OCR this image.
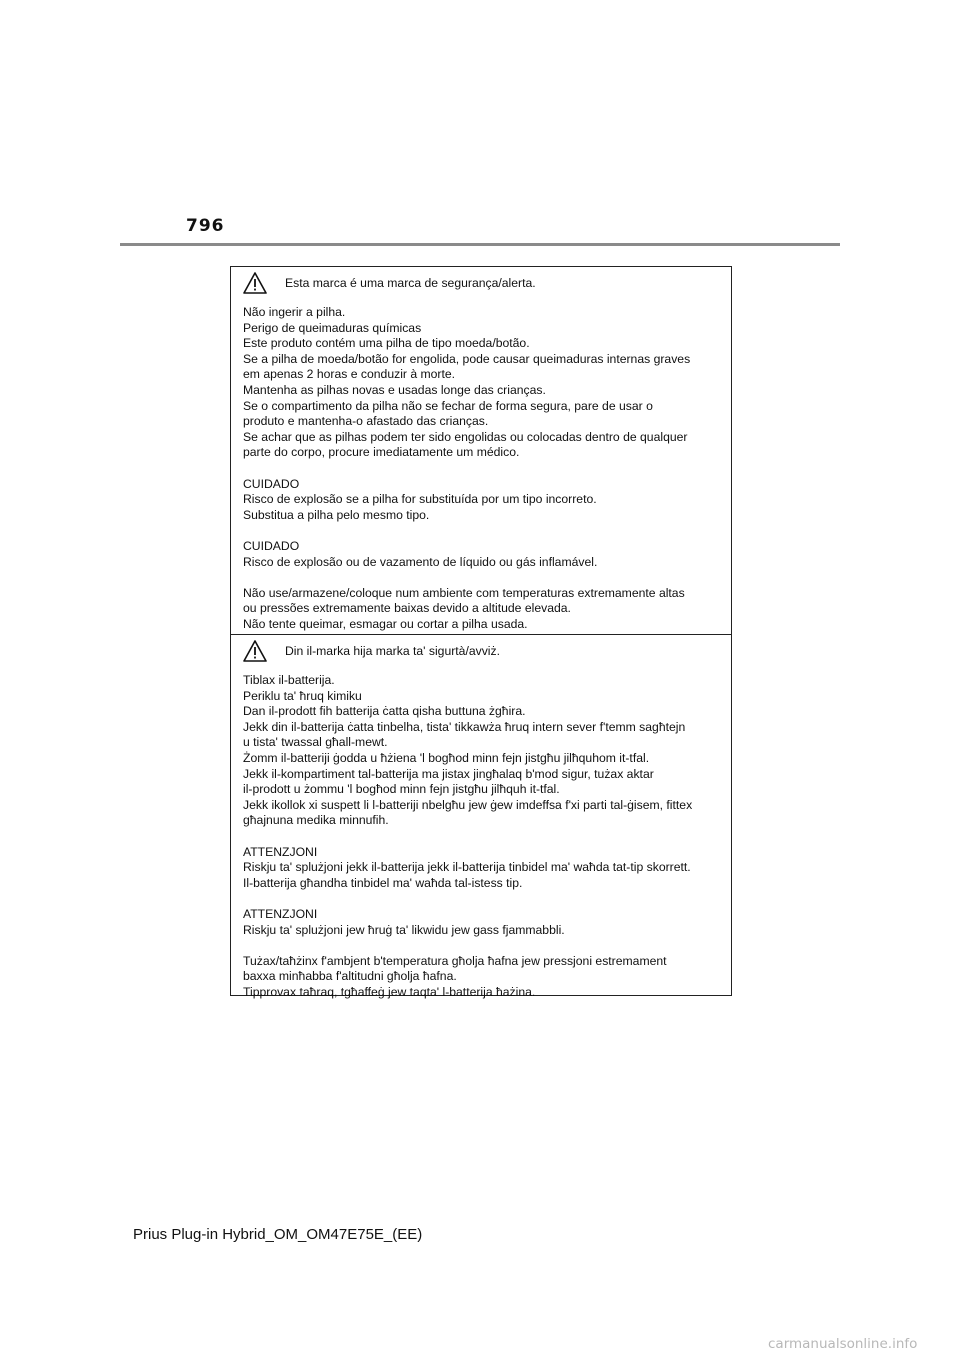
796
Esta marca é uma marca de segurança/alerta.

Não ingerir a pilha.
Perigo de queimaduras químicas
Este produto contém uma pilha de tipo moeda/botão.
Se a pilha de moeda/botão for engolida, pode causar queimaduras internas graves
em apenas 2 horas e conduzir à morte.
Mantenha as pilhas novas e usadas longe das crianças.
Se o compartimento da pilha não se fechar de forma segura, pare de usar o
produto e mantenha-o afastado das crianças.
Se achar que as pilhas podem ter sido engolidas ou colocadas dentro de qualquer
parte do corpo, procure imediatamente um médico.

CUIDADO
Risco de explosão se a pilha for substituída por um tipo incorreto.
Substitua a pilha pelo mesmo tipo.

CUIDADO
Risco de explosão ou de vazamento de líquido ou gás inflamável.

Não use/armazene/coloque num ambiente com temperaturas extremamente altas
ou pressões extremamente baixas devido a altitude elevada.
Não tente queimar, esmagar ou cortar a pilha usada.

Din il-marka hija marka ta' sigurtà/avviż.

Tiblax il-batterija.
Periklu ta' ħruq kimiku
Dan il-prodott fih batterija ċatta qisha buttuna żgħira.
Jekk din il-batterija ċatta tinbelha, tista' tikkawża ħruq intern sever f'temm sagħtejn
u tista' twassal għall-mewt.
Żomm il-batteriji ġodda u ħżiena 'l bogħod minn fejn jistgħu jilħquhom it-tfal.
Jekk il-kompartiment tal-batterija ma jistax jingħalaq b'mod sigur, tużax aktar
il-prodott u żommu 'l bogħod minn fejn jistgħu jilħquh it-tfal.
Jekk ikollok xi suspett li l-batteriji nbelgħu jew ġew imdeffsa f'xi parti tal-ġisem, fittex
għajnuna medika minnufih.

ATTENZJONI
Riskju ta' splużjoni jekk il-batterija jekk il-batterija tinbidel ma' waħda tat-tip skorrett.
Il-batterija għandha tinbidel ma' waħda tal-istess tip.

ATTENZJONI
Riskju ta' splużjoni jew ħruġ ta' likwidu jew gass fjammabbli.

Tużax/taħżinx f'ambjent b'temperatura għolja ħafna jew pressjoni estremament
baxxa minħabba f'altitudni għolja ħafna.
Tipprovax taħraq, tgħaffeġ jew taqta' l-batterija ħażina.

Prius Plug-in Hybrid_OM_OM47E75E_(EE)
carmanualsonline.info
